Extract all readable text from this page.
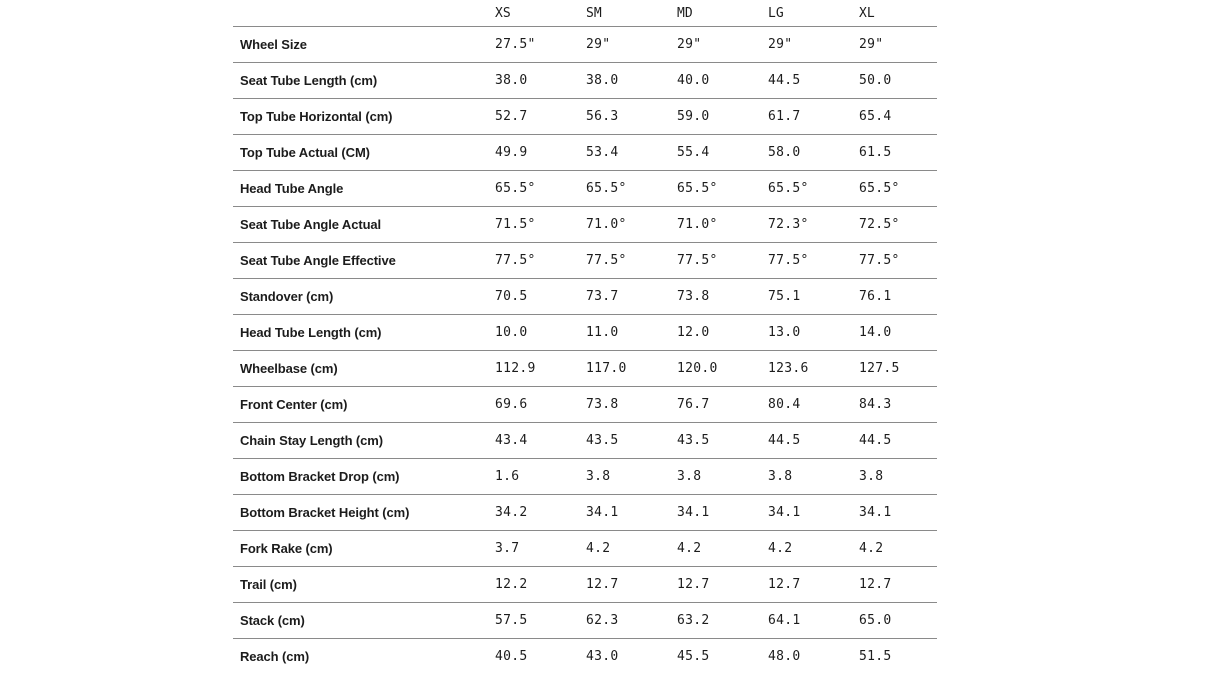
	XS	SM	MD	LG	XL
Wheel Size	27.5"	29"	29"	29"	29"
Seat Tube Length (cm)	38.0	38.0	40.0	44.5	50.0
Top Tube Horizontal (cm)	52.7	56.3	59.0	61.7	65.4
Top Tube Actual (CM)	49.9	53.4	55.4	58.0	61.5
Head Tube Angle	65.5°	65.5°	65.5°	65.5°	65.5°
Seat Tube Angle Actual	71.5°	71.0°	71.0°	72.3°	72.5°
Seat Tube Angle Effective	77.5°	77.5°	77.5°	77.5°	77.5°
Standover (cm)	70.5	73.7	73.8	75.1	76.1
Head Tube Length (cm)	10.0	11.0	12.0	13.0	14.0
Wheelbase (cm)	112.9	117.0	120.0	123.6	127.5
Front Center (cm)	69.6	73.8	76.7	80.4	84.3
Chain Stay Length (cm)	43.4	43.5	43.5	44.5	44.5
Bottom Bracket Drop (cm)	1.6	3.8	3.8	3.8	3.8
Bottom Bracket Height (cm)	34.2	34.1	34.1	34.1	34.1
Fork Rake (cm)	3.7	4.2	4.2	4.2	4.2
Trail (cm)	12.2	12.7	12.7	12.7	12.7
Stack (cm)	57.5	62.3	63.2	64.1	65.0
Reach (cm)	40.5	43.0	45.5	48.0	51.5
